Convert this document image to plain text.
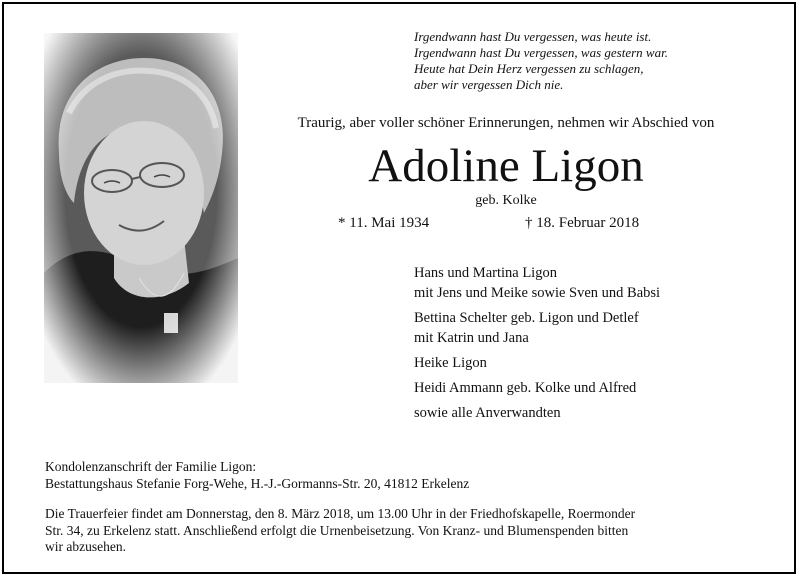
Irgendwann hast Du vergessen, was heute ist.
Irgendwann hast Du vergessen, was gestern war.
Heute hat Dein Herz vergessen zu schlagen,
aber wir vergessen Dich nie.
Traurig, aber voller schöner Erinnerungen, nehmen wir Abschied von
Adoline Ligon
geb. Kolke
* 11. Mai 1934	† 18. Februar 2018
Hans und Martina Ligon
mit Jens und Meike sowie Sven und Babsi
Bettina Schelter geb. Ligon und Detlef
mit Katrin und Jana
Heike Ligon
Heidi Ammann geb. Kolke und Alfred
sowie alle Anverwandten
Kondolenzanschrift der Familie Ligon:
Bestattungshaus Stefanie Forg-Wehe, H.-J.-Gormanns-Str. 20, 41812 Erkelenz
Die Trauerfeier findet am Donnerstag, den 8. März 2018, um 13.00 Uhr in der Friedhofskapelle, Roermonder
Str. 34, zu Erkelenz statt. Anschließend erfolgt die Urnenbeisetzung. Von Kranz- und Blumenspenden bitten
wir abzusehen.
